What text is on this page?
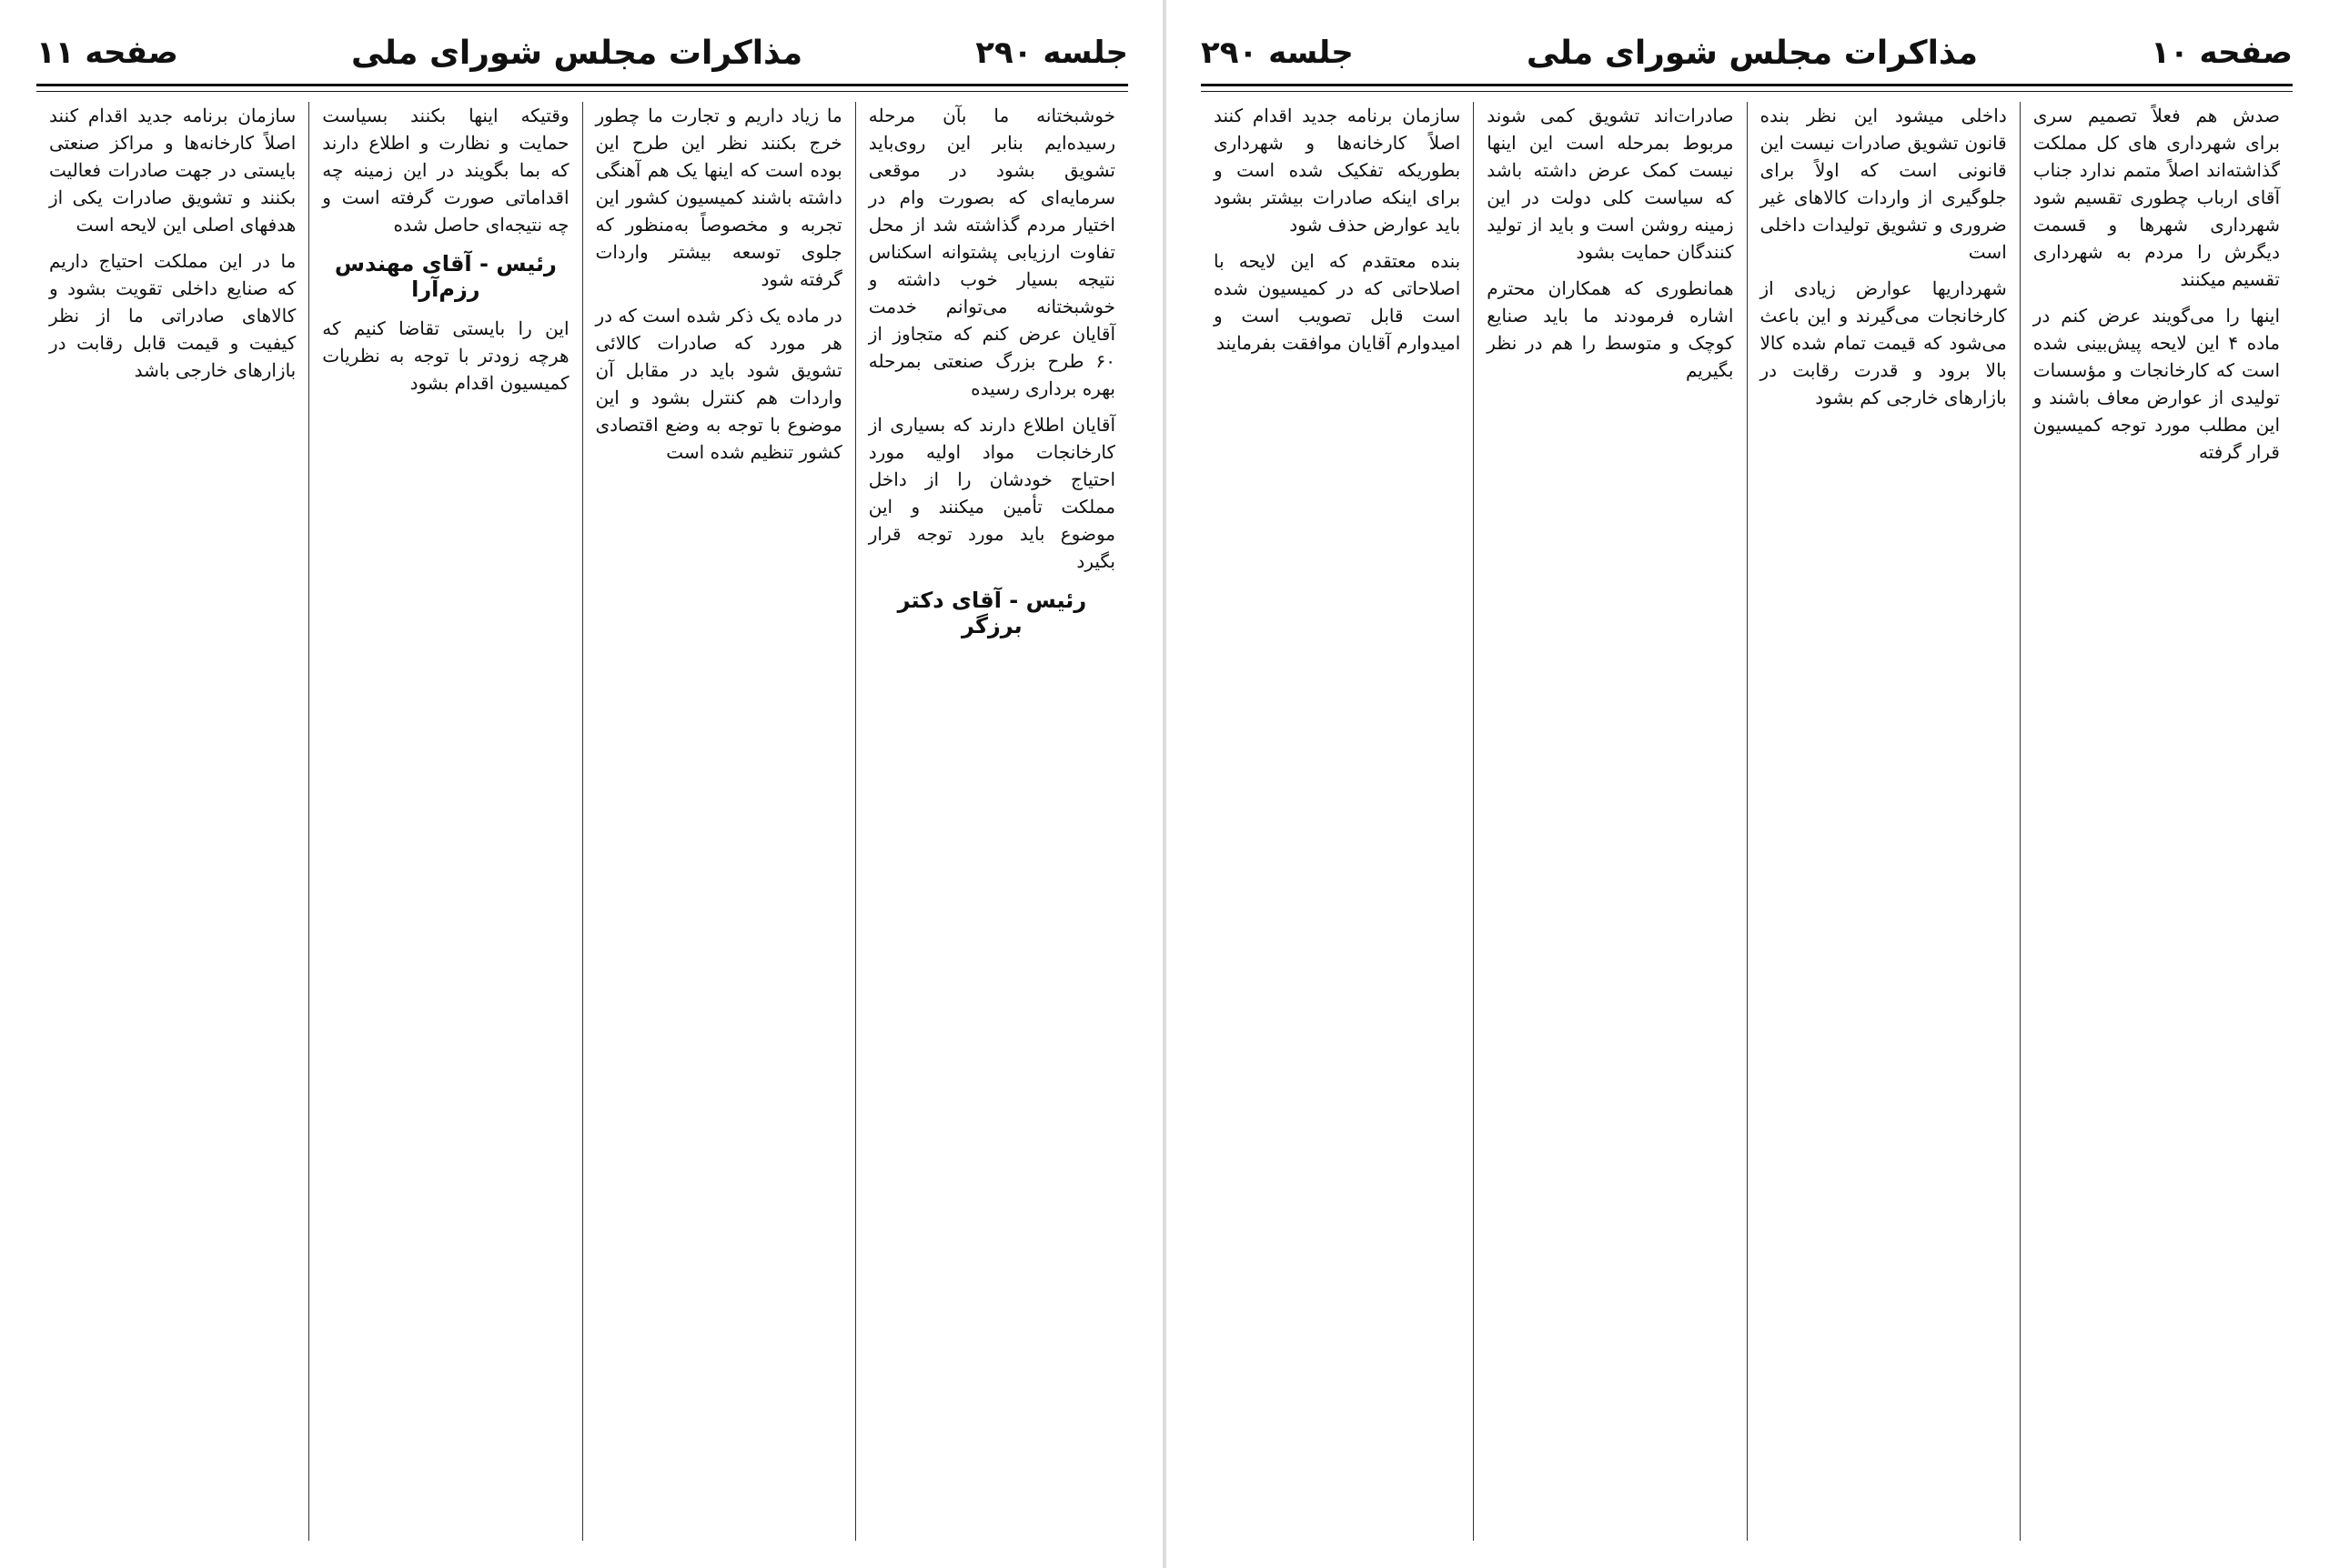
جلسه ۲۹۰
مذاکرات مجلس شورای ملی
صفحه ۱۱

خوشبختانه ما بآن مرحله رسیده‌ایم بنابر این روی‌باید تشویق بشود در موقعی سرمایه‌ای که بصورت وام در اختیار مردم گذاشته شد از محل تفاوت ارزیابی پشتوانه اسکناس نتیجه بسیار خوب داشته و خوشبختانه می‌توانم خدمت آقایان عرض کنم که متجاوز از ۶۰ طرح بزرگ صنعتی بمرحله بهره برداری رسیده

آقایان اطلاع دارند که بسیاری از کارخانجات مواد اولیه مورد احتیاج خودشان را از داخل مملکت تأمین میکنند و این موضوع باید مورد توجه قرار بگیرد

رئیس - آقای دکتر برزگر

ما زیاد داریم و تجارت ما چطور خرج بکنند نظر این طرح این بوده است که اینها یک هم آهنگی داشته باشند کمیسیون کشور این تجربه و مخصوصاً به‌منظور که جلوی توسعه بیشتر واردات گرفته شود

در ماده یک ذکر شده است که در هر مورد که صادرات کالائی تشویق شود باید در مقابل آن واردات هم کنترل بشود و این موضوع با توجه به وضع اقتصادی کشور تنظیم شده است

وقتیکه اینها بکنند بسیاست حمایت و نظارت و اطلاع دارند که بما بگویند در این زمینه چه اقداماتی صورت گرفته است و چه نتیجه‌ای حاصل شده

رئیس - آقای مهندس رزم‌آرا

این را بایستی تقاضا کنیم که هرچه زودتر با توجه به نظریات کمیسیون اقدام بشود

سازمان برنامه جدید اقدام کنند اصلاً کارخانه‌ها و مراکز صنعتی بایستی در جهت صادرات فعالیت بکنند و تشویق صادرات یکی از هدفهای اصلی این لایحه است

ما در این مملکت احتیاج داریم که صنایع داخلی تقویت بشود و کالاهای صادراتی ما از نظر کیفیت و قیمت قابل رقابت در بازارهای خارجی باشد

صفحه ۱۰
مذاکرات مجلس شورای ملی
جلسه ۲۹۰

صدش هم فعلاً تصمیم سری برای شهرداری های کل مملکت گذاشته‌اند اصلاً متمم ندارد جناب آقای ارباب چطوری تقسیم شود شهرداری شهرها و قسمت دیگرش را مردم به شهرداری تقسیم میکنند

اینها را می‌گویند عرض کنم در ماده ۴ این لایحه پیش‌بینی شده است که کارخانجات و مؤسسات تولیدی از عوارض معاف باشند و این مطلب مورد توجه کمیسیون قرار گرفته

داخلی میشود این نظر بنده قانون تشویق صادرات نیست این قانونی است که اولاً برای جلوگیری از واردات کالاهای غیر ضروری و تشویق تولیدات داخلی است

شهرداریها عوارض زیادی از کارخانجات می‌گیرند و این باعث می‌شود که قیمت تمام شده کالا بالا برود و قدرت رقابت در بازارهای خارجی کم بشود

صادرات‌اند تشویق کمی شوند مربوط بمرحله است این اینها نیست کمک عرض داشته باشد که سیاست کلی دولت در این زمینه روشن است و باید از تولید کنندگان حمایت بشود

همانطوری که همکاران محترم اشاره فرمودند ما باید صنایع کوچک و متوسط را هم در نظر بگیریم

سازمان برنامه جدید اقدام کنند اصلاً کارخانه‌ها و شهرداری بطوریکه تفکیک شده است و برای اینکه صادرات بیشتر بشود باید عوارض حذف شود

بنده معتقدم که این لایحه با اصلاحاتی که در کمیسیون شده است قابل تصویب است و امیدوارم آقایان موافقت بفرمایند
